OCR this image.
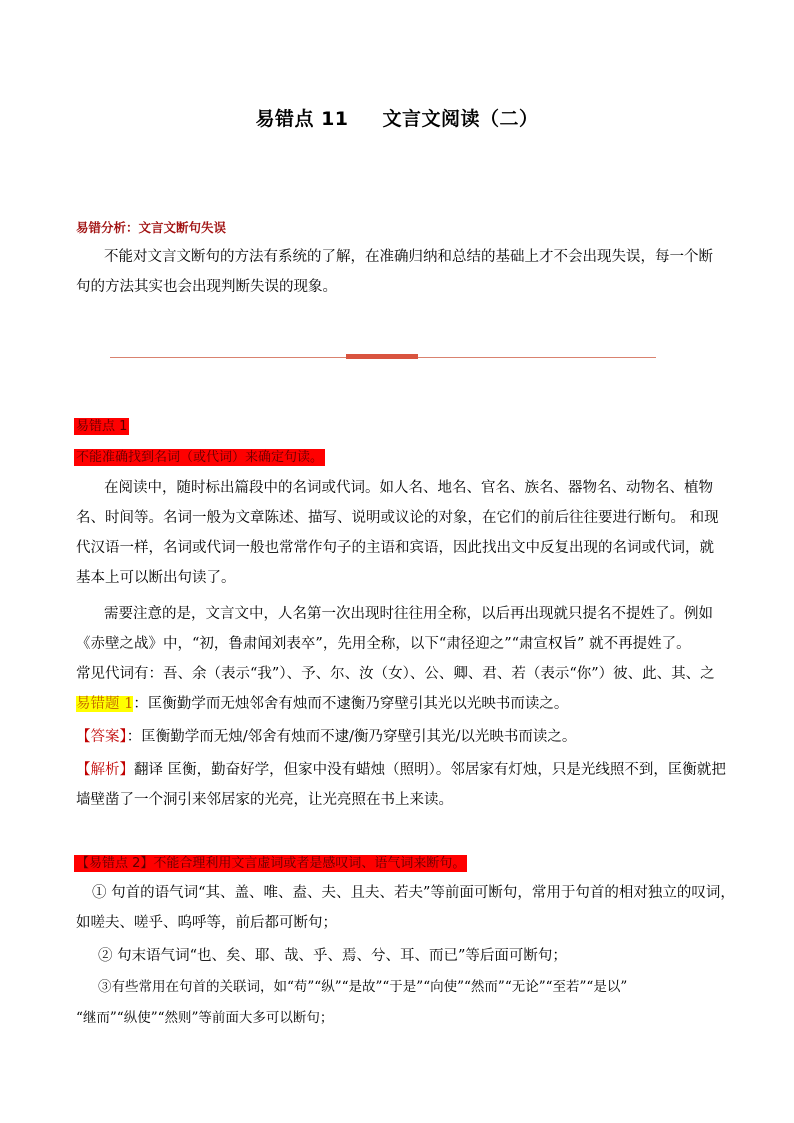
易错点 11 文言文阅读（二）
易错分析：文言文断句失误
不能对文言文断句的方法有系统的了解，在准确归纳和总结的基础上才不会出现失误，每一个断句的方法其实也会出现判断失误的现象。
易错点 1
不能准确找到名词（或代词）来确定句读。
在阅读中，随时标出篇段中的名词或代词。如人名、地名、官名、族名、器物名、动物名、植物名、时间等。名词一般为文章陈述、描写、说明或议论的对象，在它们的前后往往要进行断句。 和现代汉语一样，名词或代词一般也常常作句子的主语和宾语，因此找出文中反复出现的名词或代词，就基本上可以断出句读了。
需要注意的是，文言文中，人名第一次出现时往往用全称，以后再出现就只提名不提姓了。例如《赤壁之战》中，“初，鲁肃闻刘表卒”，先用全称，以下“肃径迎之”“肃宣权旨” 就不再提姓了。
常见代词有：吾、余（表示“我”）、予、尔、汝（女）、公、卿、君、若（表示“你”）彼、此、其、之
易错题 1：匡衡勤学而无烛邻舍有烛而不逮衡乃穿壁引其光以光映书而读之。
【答案】：匡衡勤学而无烛/邻舍有烛而不逮/衡乃穿壁引其光/以光映书而读之。
【解析】翻译 匡衡，勤奋好学，但家中没有蜡烛（照明）。邻居家有灯烛，只是光线照不到，匡衡就把墙壁凿了一个洞引来邻居家的光亮，让光亮照在书上来读。
【易错点 2】不能合理利用文言虚词或者是感叹词、语气词来断句。
① 句首的语气词“其、盖、唯、盍、夫、且夫、若夫”等前面可断句，常用于句首的相对独立的叹词，
如嗟夫、嗟乎、呜呼等，前后都可断句；
② 句末语气词“也、矣、耶、哉、乎、焉、兮、耳、而已”等后面可断句；
③有些常用在句首的关联词，如“苟”“纵”“是故”“于是”“向使”“然而”“无论”“至若”“是以”
“继而”“纵使”“然则”等前面大多可以断句；
